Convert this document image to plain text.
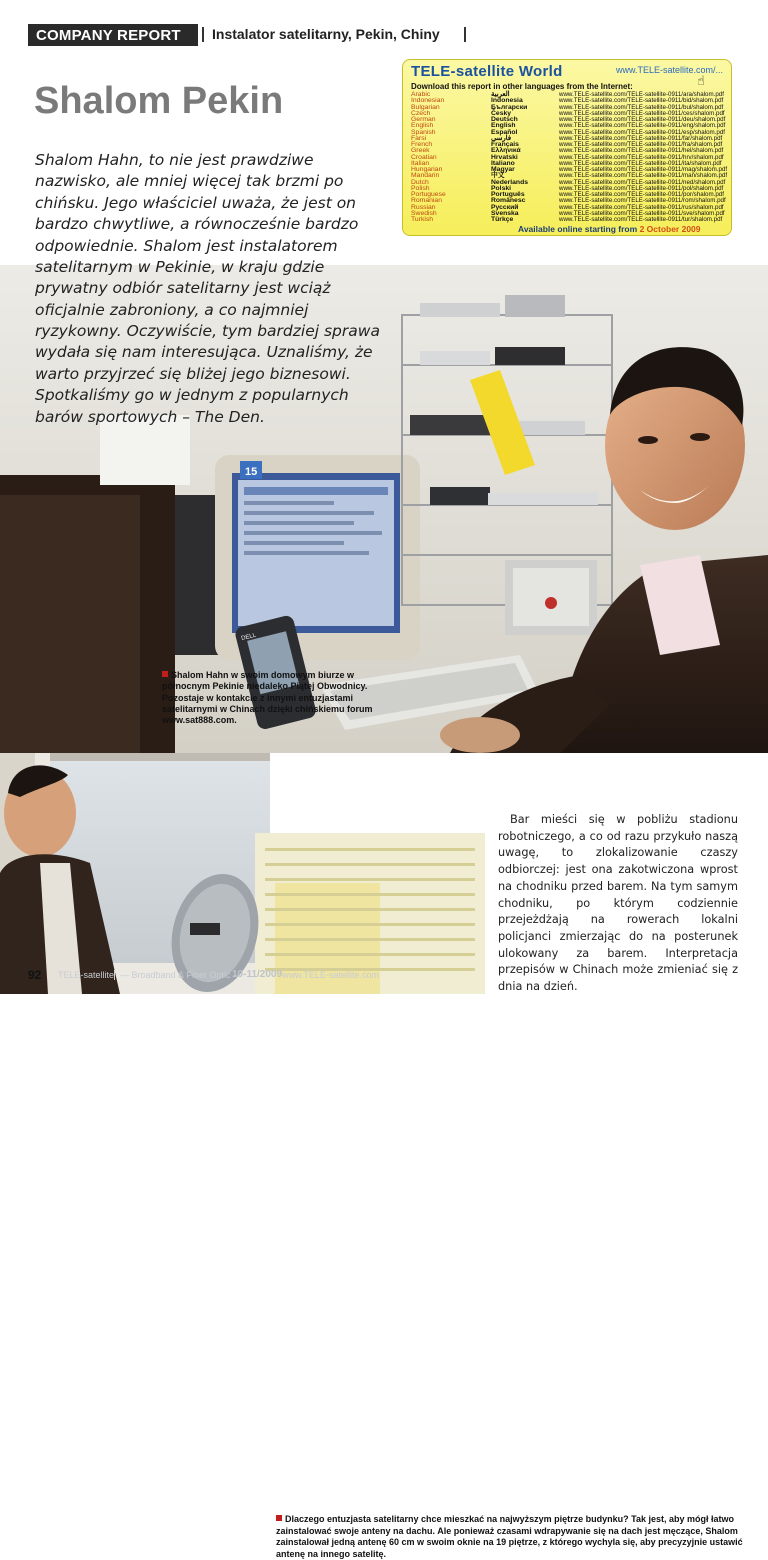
15
DELL
Shalom Hahn w swoim domowym biurze w północnym Pekinie niedaleko Piątej Obwodnicy. Pozostaje w kontakcie z innymi entuzjastami satelitarnymi w Chinach dzięki chińskiemu forum www.sat888.com.
Dlaczego entuzjasta satelitarny chce mieszkać na najwyższym piętrze budynku? Tak jest, aby mógł łatwo zainstalować swoje anteny na dachu. Ale ponieważ czasami wdrapywanie się na dach jest męczące, Shalom zainstalował jedną antenę 60 cm w swoim oknie na 19 piętrze, z którego wychyla się, aby precyzyjnie ustawić antenę na innego satelitę.
COMPANY REPORT	Instalator satelitarny, Pekin, Chiny
Shalom Pekin

Shalom Hahn, to nie jest prawdziwe nazwisko, ale mniej więcej tak brzmi po chińsku. Jego właściciel uważa, że jest on bardzo chwytliwe, a równocześnie bardzo odpowiednie. Shalom jest instalatorem satelitarnym w Pekinie, w kraju gdzie prywatny odbiór satelitarny jest wciąż oficjalnie zabroniony, a co najmniej ryzykowny. Oczywiście, tym bardziej sprawa wydała się nam interesująca. Uznaliśmy, że warto przyjrzeć się bliżej jego biznesowi. Spotkaliśmy go w jednym z popularnych barów sportowych – The Den.

TELE-satellite World	www.TELE-satellite.com/...
☝
Download this report in other languages from the Internet:
Arabic	العربية	www.TELE-satellite.com/TELE-satellite-0911/ara/shalom.pdf
Indonesian	Indonesia	www.TELE-satellite.com/TELE-satellite-0911/bid/shalom.pdf
Bulgarian	Български	www.TELE-satellite.com/TELE-satellite-0911/bul/shalom.pdf
Czech	Česky	www.TELE-satellite.com/TELE-satellite-0911/ces/shalom.pdf
German	Deutsch	www.TELE-satellite.com/TELE-satellite-0911/deu/shalom.pdf
English	English	www.TELE-satellite.com/TELE-satellite-0911/eng/shalom.pdf
Spanish	Español	www.TELE-satellite.com/TELE-satellite-0911/esp/shalom.pdf
Farsi	فارسی	www.TELE-satellite.com/TELE-satellite-0911/far/shalom.pdf
French	Français	www.TELE-satellite.com/TELE-satellite-0911/fra/shalom.pdf
Greek	Ελληνικά	www.TELE-satellite.com/TELE-satellite-0911/hel/shalom.pdf
Croatian	Hrvatski	www.TELE-satellite.com/TELE-satellite-0911/hrv/shalom.pdf
Italian	Italiano	www.TELE-satellite.com/TELE-satellite-0911/ita/shalom.pdf
Hungarian	Magyar	www.TELE-satellite.com/TELE-satellite-0911/mag/shalom.pdf
Mandarin	中文	www.TELE-satellite.com/TELE-satellite-0911/man/shalom.pdf
Dutch	Nederlands	www.TELE-satellite.com/TELE-satellite-0911/ned/shalom.pdf
Polish	Polski	www.TELE-satellite.com/TELE-satellite-0911/pol/shalom.pdf
Portuguese	Português	www.TELE-satellite.com/TELE-satellite-0911/por/shalom.pdf
Romanian	Românesc	www.TELE-satellite.com/TELE-satellite-0911/rom/shalom.pdf
Russian	Русский	www.TELE-satellite.com/TELE-satellite-0911/rus/shalom.pdf
Swedish	Svenska	www.TELE-satellite.com/TELE-satellite-0911/sve/shalom.pdf
Turkish	Türkçe	www.TELE-satellite.com/TELE-satellite-0911/tur/shalom.pdf
Available online starting from 2 October 2009

Bar mieści się w pobliżu stadionu robotniczego, a co od razu przykuło naszą uwagę, to zlokalizowanie czaszy odbiorczej: jest ona zakotwiczona wprost na chodniku przed barem. Na tym samym chodniku, po którym codziennie przejeżdżają na rowerach lokalni policjanci zmierzając do na posterunek ulokowany za barem. Interpretacja przepisów w Chinach może zmieniać się z dnia na dzień.

92 TELE-satellite — Broadband & Fiber Optic —
10-11/2009 www.TELE-satellite.com
